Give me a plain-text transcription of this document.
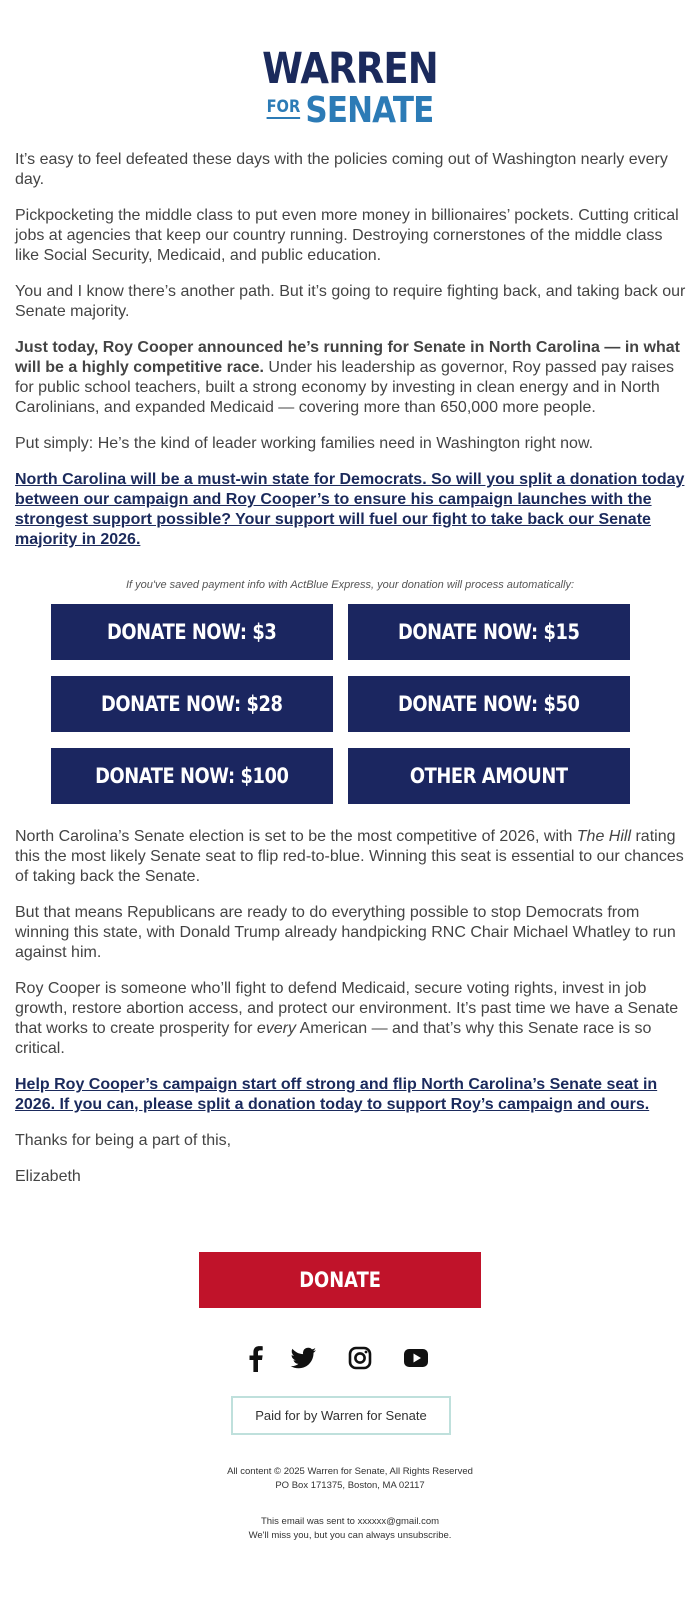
WARREN
FOR SENATE

It’s easy to feel defeated these days with the policies coming out of Washington nearly every day.

Pickpocketing the middle class to put even more money in billionaires’ pockets. Cutting critical jobs at agencies that keep our country running. Destroying cornerstones of the middle class like Social Security, Medicaid, and public education.

You and I know there’s another path. But it’s going to require fighting back, and taking back our Senate majority.

Just today, Roy Cooper announced he’s running for Senate in North Carolina — in what will be a highly competitive race. Under his leadership as governor, Roy passed pay raises for public school teachers, built a strong economy by investing in clean energy and in North Carolinians, and expanded Medicaid — covering more than 650,000 more people.

Put simply: He’s the kind of leader working families need in Washington right now.

North Carolina will be a must-win state for Democrats. So will you split a donation today between our campaign and Roy Cooper’s to ensure his campaign launches with the strongest support possible? Your support will fuel our fight to take back our Senate majority in 2026.

If you've saved payment info with ActBlue Express, your donation will process automatically:
DONATE NOW: $3	DONATE NOW: $15
DONATE NOW: $28	DONATE NOW: $50
DONATE NOW: $100	OTHER AMOUNT

North Carolina’s Senate election is set to be the most competitive of 2026, with The Hill rating this the most likely Senate seat to flip red-to-blue. Winning this seat is essential to our chances of taking back the Senate.

But that means Republicans are ready to do everything possible to stop Democrats from winning this state, with Donald Trump already handpicking RNC Chair Michael Whatley to run against him.

Roy Cooper is someone who’ll fight to defend Medicaid, secure voting rights, invest in job growth, restore abortion access, and protect our environment. It’s past time we have a Senate that works to create prosperity for every American — and that’s why this Senate race is so critical.

Help Roy Cooper’s campaign start off strong and flip North Carolina’s Senate seat in 2026. If you can, please split a donation today to support Roy’s campaign and ours.

Thanks for being a part of this,

Elizabeth

DONATE
Paid for by Warren for Senate
All content © 2025 Warren for Senate, All Rights Reserved
PO Box 171375, Boston, MA 02117
This email was sent to xxxxxx@gmail.com
We'll miss you, but you can always unsubscribe.
